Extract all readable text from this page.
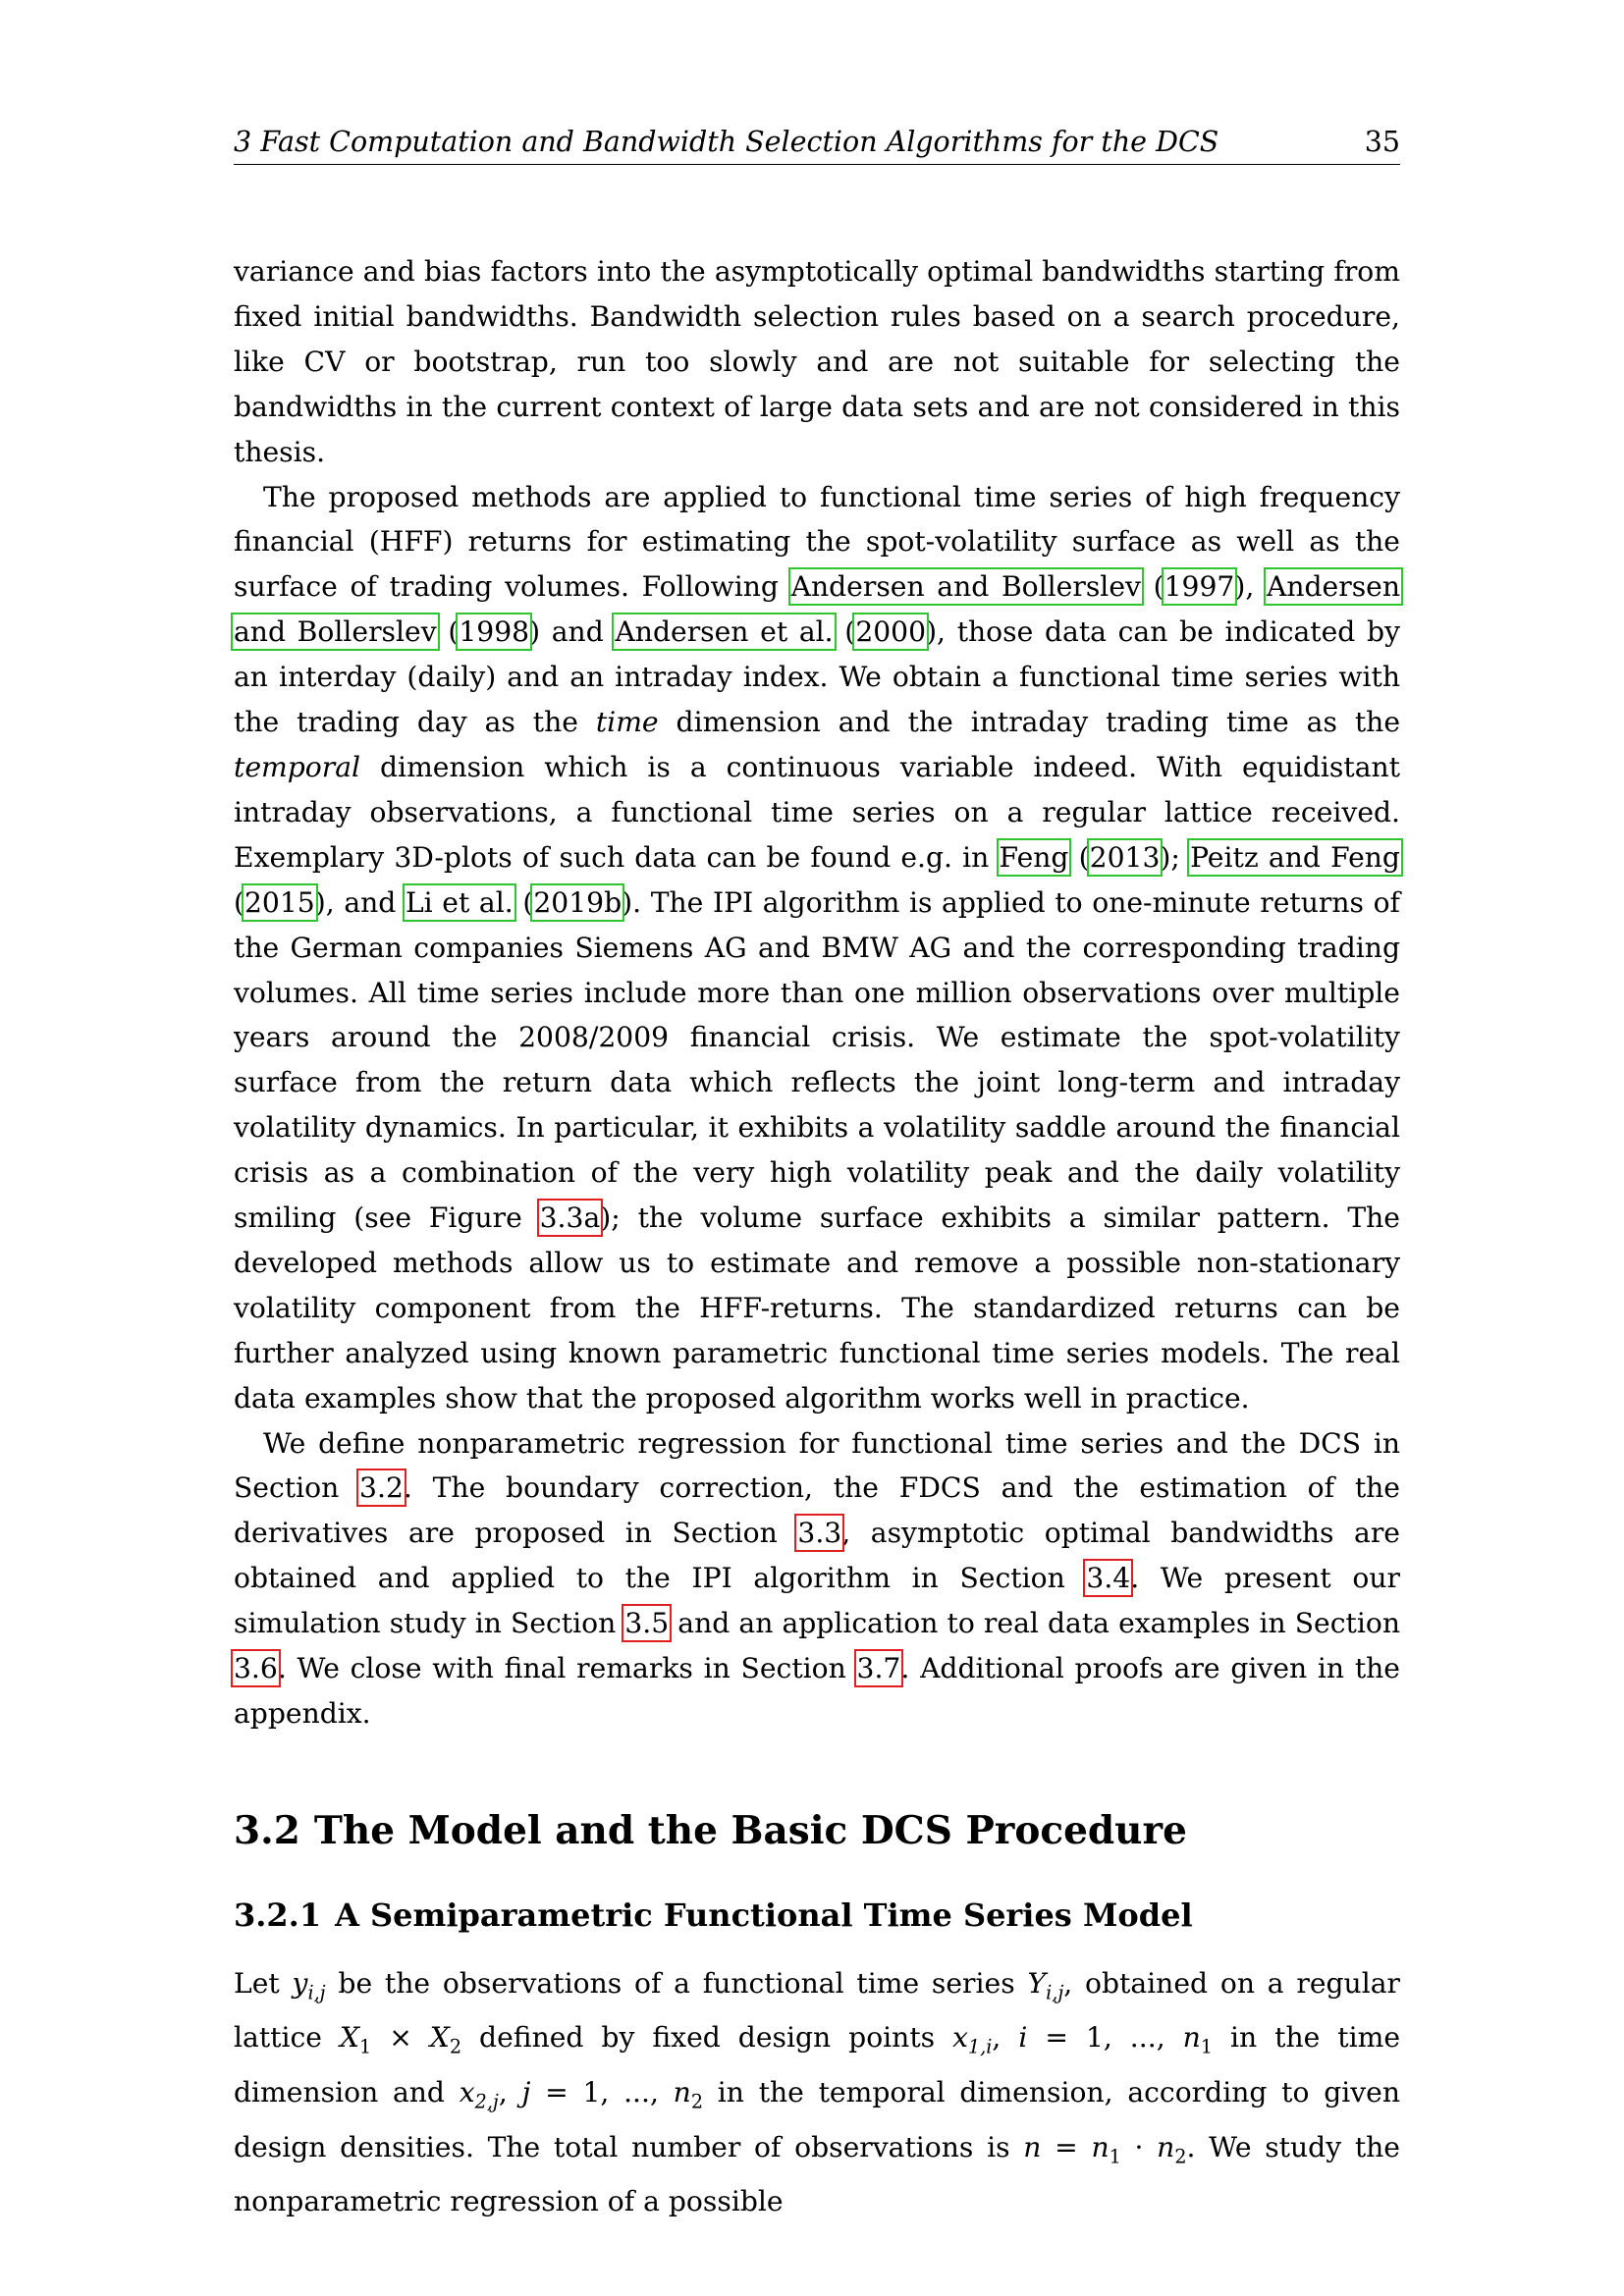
3 Fast Computation and Bandwidth Selection Algorithms for the DCS	35

variance and bias factors into the asymptotically optimal bandwidths starting from fixed initial bandwidths. Bandwidth selection rules based on a search procedure, like CV or bootstrap, run too slowly and are not suitable for selecting the bandwidths in the current context of large data sets and are not considered in this thesis.

The proposed methods are applied to functional time series of high frequency financial (HFF) returns for estimating the spot-volatility surface as well as the surface of trading volumes. Following Andersen and Bollerslev (1997), Andersen and Bollerslev (1998) and Andersen et al. (2000), those data can be indicated by an interday (daily) and an intraday index. We obtain a functional time series with the trading day as the time dimension and the intraday trading time as the temporal dimension which is a continuous variable indeed. With equidistant intraday observations, a functional time series on a regular lattice received. Exemplary 3D-plots of such data can be found e.g. in Feng (2013); Peitz and Feng (2015), and Li et al. (2019b). The IPI algorithm is applied to one-minute returns of the German companies Siemens AG and BMW AG and the corresponding trading volumes. All time series include more than one million observations over multiple years around the 2008/2009 financial crisis. We estimate the spot-volatility surface from the return data which reflects the joint long-term and intraday volatility dynamics. In particular, it exhibits a volatility saddle around the financial crisis as a combination of the very high volatility peak and the daily volatility smiling (see Figure 3.3a); the volume surface exhibits a similar pattern. The developed methods allow us to estimate and remove a possible non-stationary volatility component from the HFF-returns. The standardized returns can be further analyzed using known parametric functional time series models. The real data examples show that the proposed algorithm works well in practice.

We define nonparametric regression for functional time series and the DCS in Section 3.2. The boundary correction, the FDCS and the estimation of the derivatives are proposed in Section 3.3, asymptotic optimal bandwidths are obtained and applied to the IPI algorithm in Section 3.4. We present our simulation study in Section 3.5 and an application to real data examples in Section 3.6. We close with final remarks in Section 3.7. Additional proofs are given in the appendix.

3.2 The Model and the Basic DCS Procedure
3.2.1 A Semiparametric Functional Time Series Model

Let $y_{i,j}$ be the observations of a functional time series $Y_{i,j}$, obtained on a regular lattice $X_1 \times X_2$ defined by fixed design points $x_{1,i}$, i = 1, ..., $n_1$ in the time dimension and $x_{2,j}$, j = 1, ..., $n_2$ in the temporal dimension, according to given design densities. The total number of observations is $n = n_1 \cdot n_2$. We study the nonparametric regression of a possible
